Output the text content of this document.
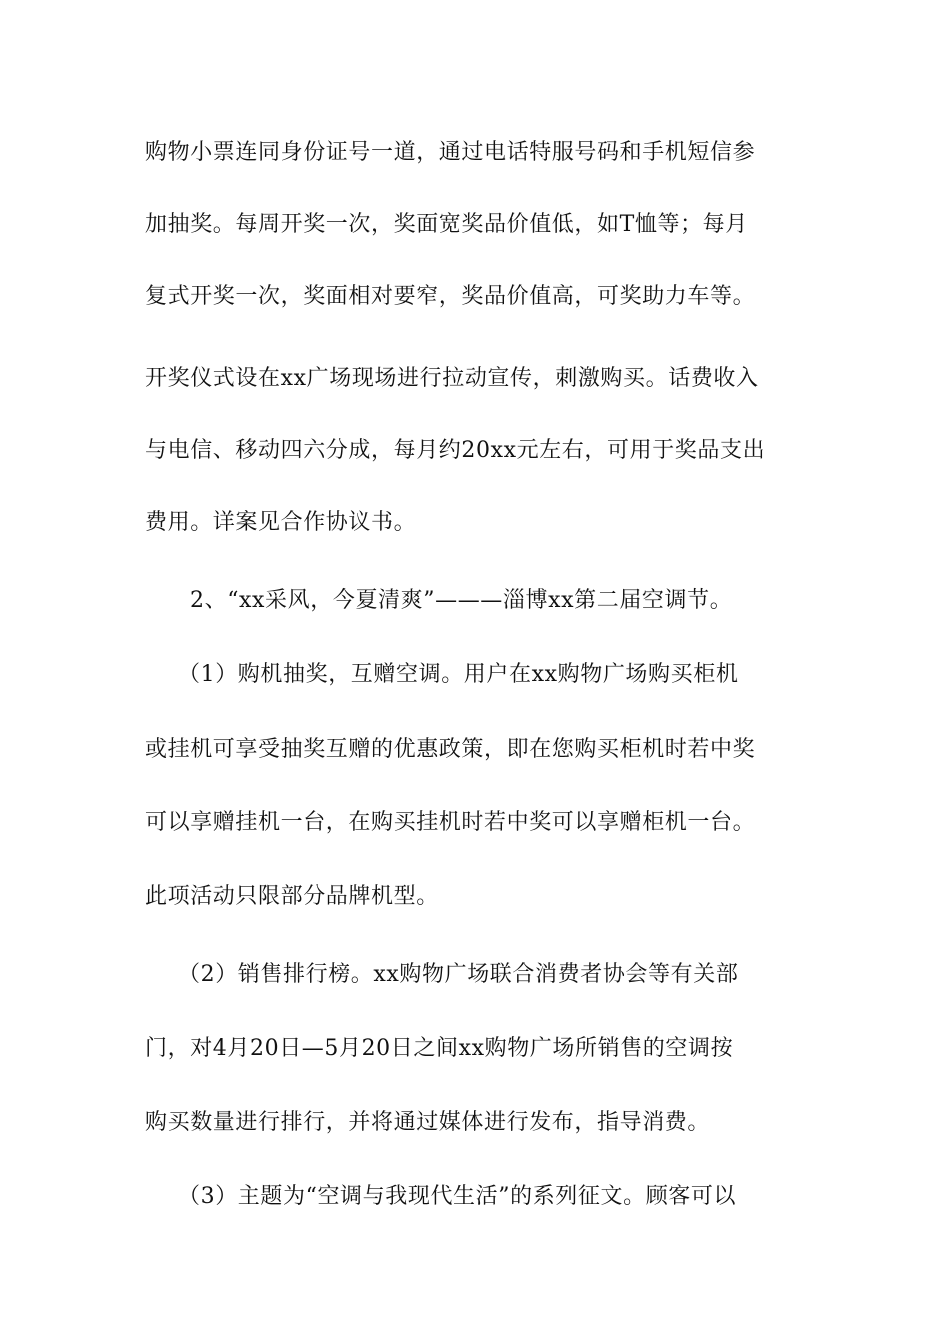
购物小票连同身份证号一道，通过电话特服号码和手机短信参
加抽奖。每周开奖一次，奖面宽奖品价值低，如T恤等；每月
复式开奖一次，奖面相对要窄，奖品价值高，可奖助力车等。
开奖仪式设在xx广场现场进行拉动宣传，刺激购买。话费收入
与电信、移动四六分成，每月约20xx元左右，可用于奖品支出
费用。详案见合作协议书。
2、“xx采风，今夏清爽”———淄博xx第二届空调节。
（1）购机抽奖，互赠空调。用户在xx购物广场购买柜机
或挂机可享受抽奖互赠的优惠政策，即在您购买柜机时若中奖
可以享赠挂机一台，在购买挂机时若中奖可以享赠柜机一台。
此项活动只限部分品牌机型。
（2）销售排行榜。xx购物广场联合消费者协会等有关部
门，对4月20日—5月20日之间xx购物广场所销售的空调按
购买数量进行排行，并将通过媒体进行发布，指导消费。
（3）主题为“空调与我现代生活”的系列征文。顾客可以
